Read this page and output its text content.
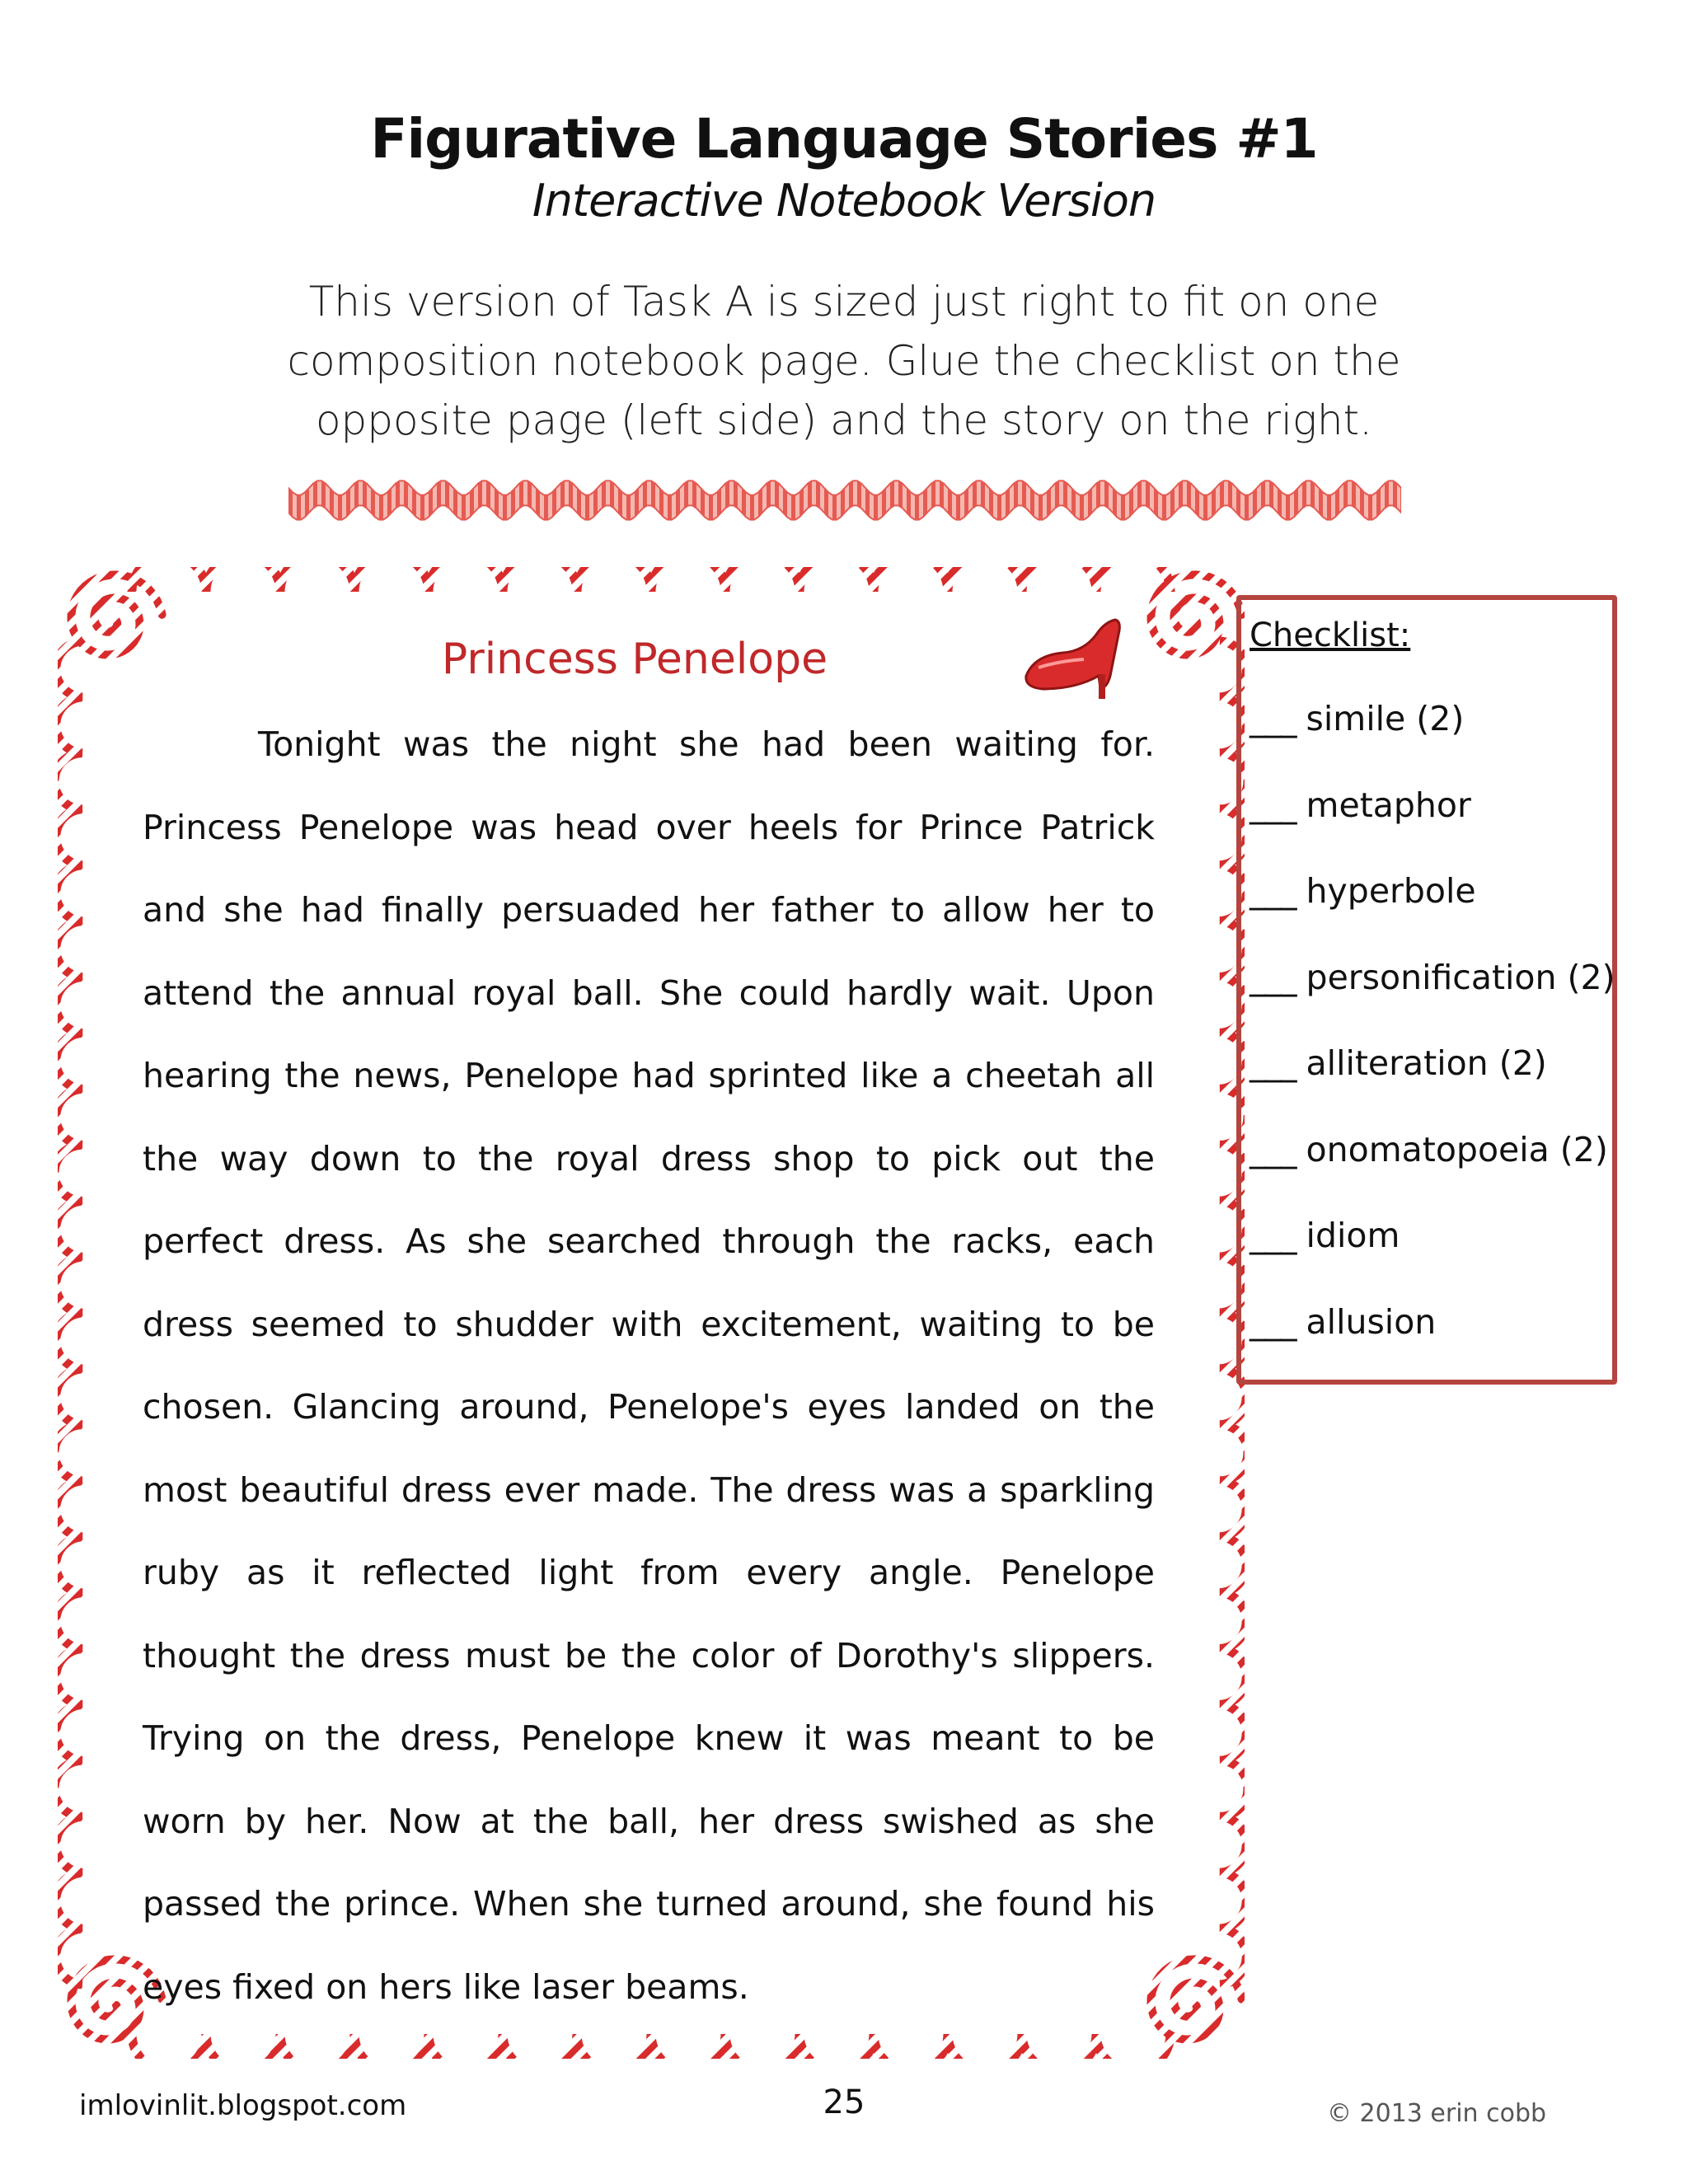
Figurative Language Stories #1
Interactive Notebook Version
This version of Task A is sized just right to fit on one composition notebook page. Glue the checklist on the opposite page (left side) and the story on the right.
Princess Penelope

Tonight was the night she had been waiting for. Princess Penelope was head over heels for Prince Patrick and she had finally persuaded her father to allow her to attend the annual royal ball. She could hardly wait. Upon hearing the news, Penelope had sprinted like a cheetah all the way down to the royal dress shop to pick out the perfect dress. As she searched through the racks, each dress seemed to shudder with excitement, waiting to be chosen. Glancing around, Penelope's eyes landed on the most beautiful dress ever made. The dress was a sparkling ruby as it reflected light from every angle. Penelope thought the dress must be the color of Dorothy's slippers. Trying on the dress, Penelope knew it was meant to be worn by her. Now at the ball, her dress swished as she passed the prince. When she turned around, she found his eyes fixed on hers like laser beams.

Checklist:
___ simile (2)
___ metaphor
___ hyperbole
___ personification (2)
___ alliteration (2)
___ onomatopoeia (2)
___ idiom
___ allusion
imlovinlit.blogspot.com	25	© 2013 erin cobb
